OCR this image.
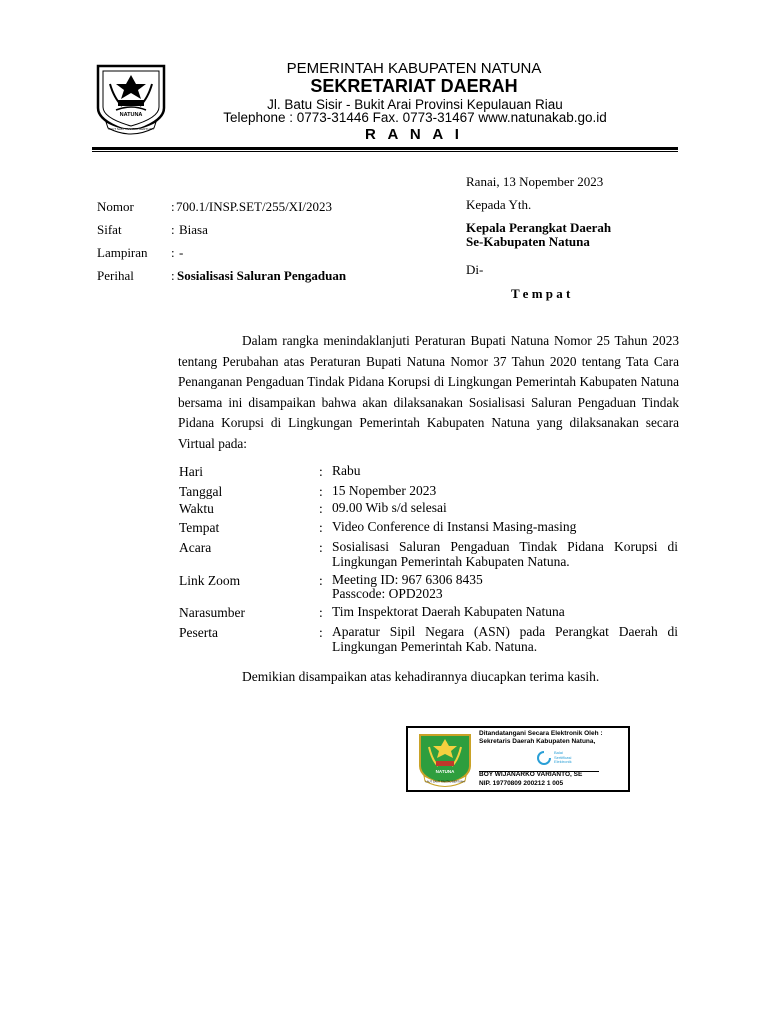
NATUNA
LAUT SAKTI RANTAU BERTUAH
PEMERINTAH KABUPATEN NATUNA
SEKRETARIAT DAERAH
Jl. Batu Sisir - Bukit Arai Provinsi Kepulauan Riau
Telephone : 0773-31446 Fax. 0773-31467 www.natunakab.go.id
R A N A I
Ranai, 13 Nopember 2023
Kepada Yth.
Kepala Perangkat Daerah
Se-Kabupaten Natuna
Di-
T e m p a t
Nomor	: 700.1/INSP.SET/255/XI/2023
Sifat	: Biasa
Lampiran : -
Perihal	: Sosialisasi Saluran Pengaduan

Dalam rangka menindaklanjuti Peraturan Bupati Natuna Nomor 25 Tahun 2023 tentang Perubahan atas Peraturan Bupati Natuna Nomor 37 Tahun 2020 tentang Tata Cara Penanganan Pengaduan Tindak Pidana Korupsi di Lingkungan Pemerintah Kabupaten Natuna bersama ini disampaikan bahwa akan dilaksanakan Sosialisasi Saluran Pengaduan Tindak Pidana Korupsi di Lingkungan Pemerintah Kabupaten Natuna yang dilaksanakan secara Virtual pada:

Hari	: Rabu
Tanggal	: 15 Nopember 2023
Waktu	: 09.00 Wib s/d selesai
Tempat	: Video Conference di Instansi Masing-masing
Acara	: Sosialisasi Saluran Pengaduan Tindak Pidana Korupsi di Lingkungan Pemerintah Kabupaten Natuna.
Link Zoom	: Meeting ID: 967 6306 8435
Passcode: OPD2023
Narasumber	: Tim Inspektorat Daerah Kabupaten Natuna
Peserta	: Aparatur Sipil Negara (ASN) pada Perangkat Daerah di Lingkungan Pemerintah Kab. Natuna.
Demikian disampaikan atas kehadirannya diucapkan terima kasih.
NATUNA
LAUT SAKTI RANTAU BERTUAH
Ditandatangani Secara Elektronik Oleh :
Sekretaris Daerah Kabupaten Natuna,
Balai
Sertifikasi
Elektronik
BOY WIJANARKO VARIANTO, SE
NIP. 19770809 200212 1 005
